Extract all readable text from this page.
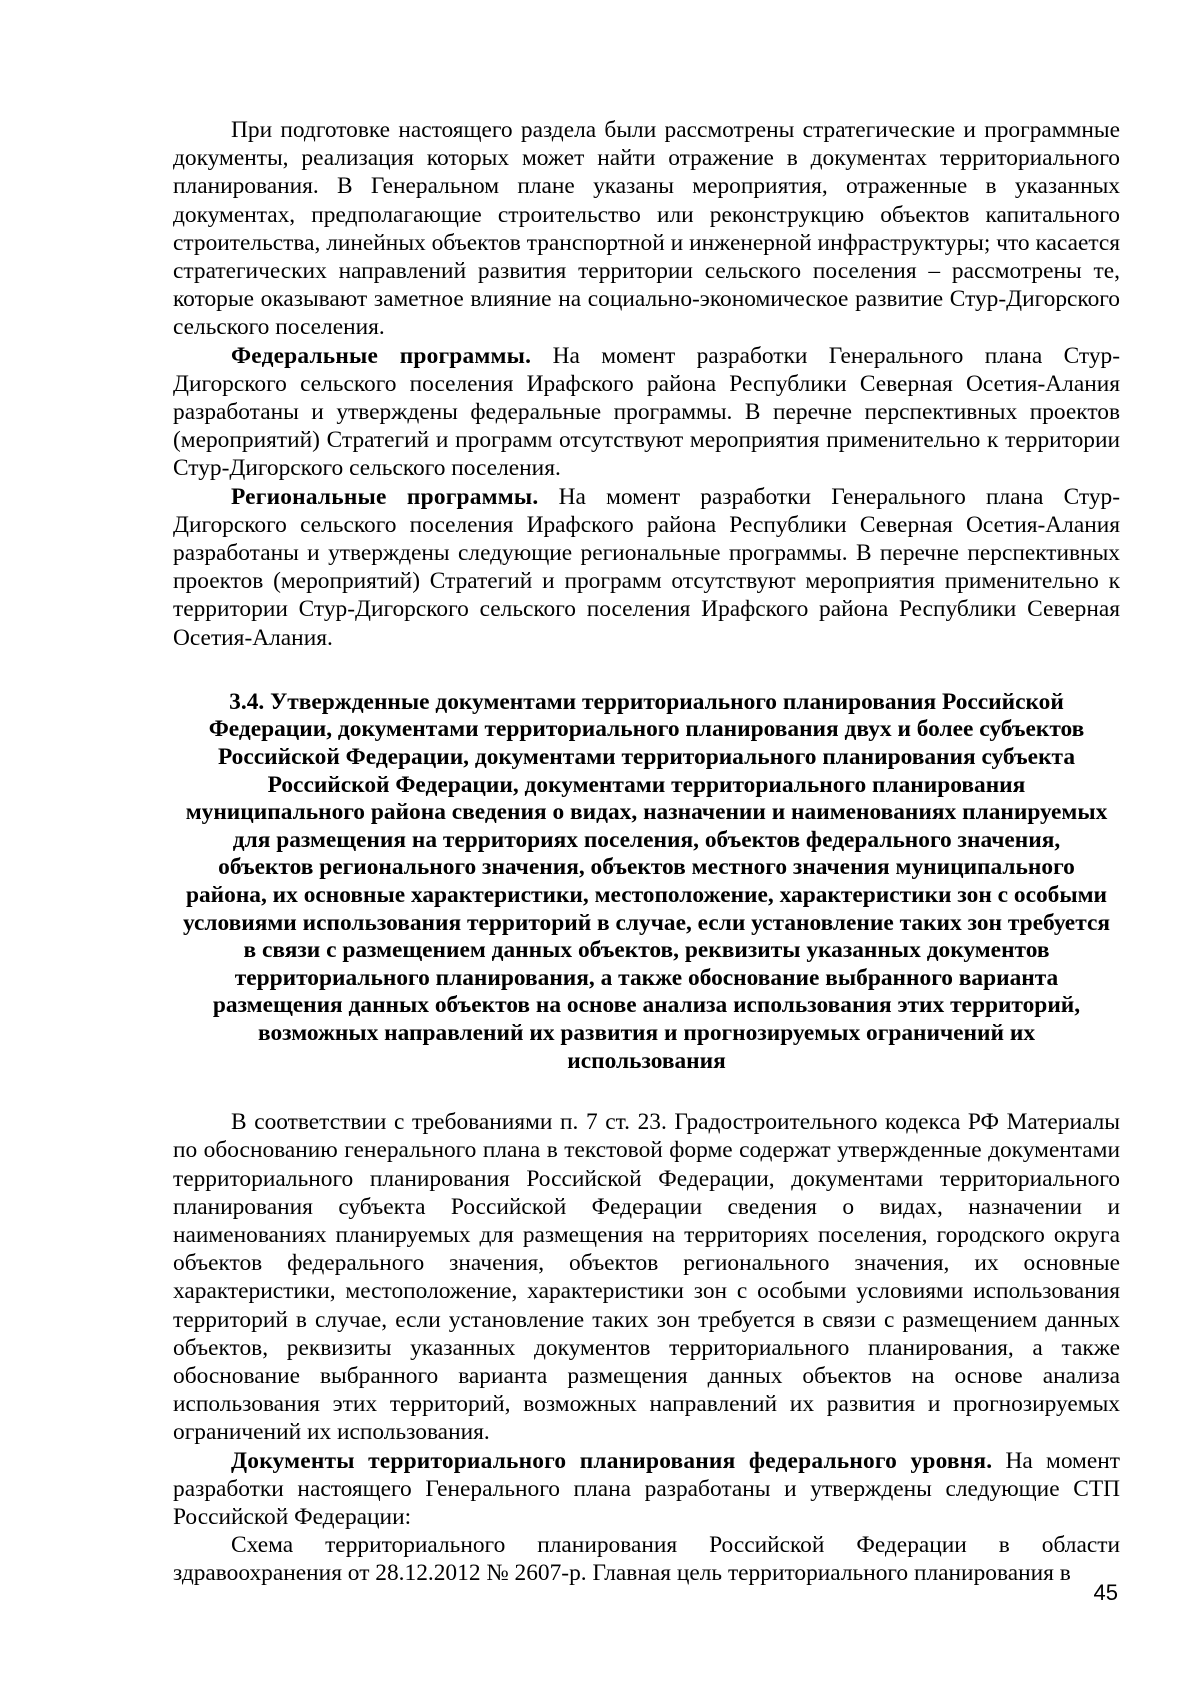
При подготовке настоящего раздела были рассмотрены стратегические и программные документы, реализация которых может найти отражение в документах территориального планирования. В Генеральном плане указаны мероприятия, отраженные в указанных документах, предполагающие строительство или реконструкцию объектов капитального строительства, линейных объектов транспортной и инженерной инфраструктуры; что касается стратегических направлений развития территории сельского поселения – рассмотрены те, которые оказывают заметное влияние на социально-экономическое развитие Стур-Дигорского сельского поселения.

Федеральные программы. На момент разработки Генерального плана Стур-Дигорского сельского поселения Ирафского района Республики Северная Осетия-Алания разработаны и утверждены федеральные программы. В перечне перспективных проектов (мероприятий) Стратегий и программ отсутствуют мероприятия применительно к территории Стур-Дигорского сельского поселения.

Региональные программы. На момент разработки Генерального плана Стур-Дигорского сельского поселения Ирафского района Республики Северная Осетия-Алания разработаны и утверждены следующие региональные программы. В перечне перспективных проектов (мероприятий) Стратегий и программ отсутствуют мероприятия применительно к территории Стур-Дигорского сельского поселения Ирафского района Республики Северная Осетия-Алания.

3.4. Утвержденные документами территориального планирования Российской Федерации, документами территориального планирования двух и более субъектов Российской Федерации, документами территориального планирования субъекта Российской Федерации, документами территориального планирования муниципального района сведения о видах, назначении и наименованиях планируемых для размещения на территориях поселения, объектов федерального значения, объектов регионального значения, объектов местного значения муниципального района, их основные характеристики, местоположение, характеристики зон с особыми условиями использования территорий в случае, если установление таких зон требуется в связи с размещением данных объектов, реквизиты указанных документов территориального планирования, а также обоснование выбранного варианта размещения данных объектов на основе анализа использования этих территорий, возможных направлений их развития и прогнозируемых ограничений их использования

В соответствии с требованиями п. 7 ст. 23. Градостроительного кодекса РФ Материалы по обоснованию генерального плана в текстовой форме содержат утвержденные документами территориального планирования Российской Федерации, документами территориального планирования субъекта Российской Федерации сведения о видах, назначении и наименованиях планируемых для размещения на территориях поселения, городского округа объектов федерального значения, объектов регионального значения, их основные характеристики, местоположение, характеристики зон с особыми условиями использования территорий в случае, если установление таких зон требуется в связи с размещением данных объектов, реквизиты указанных документов территориального планирования, а также обоснование выбранного варианта размещения данных объектов на основе анализа использования этих территорий, возможных направлений их развития и прогнозируемых ограничений их использования.

Документы территориального планирования федерального уровня. На момент разработки настоящего Генерального плана разработаны и утверждены следующие СТП Российской Федерации:

Схема территориального планирования Российской Федерации в области здравоохранения от 28.12.2012 № 2607-р. Главная цель территориального планирования в

45
